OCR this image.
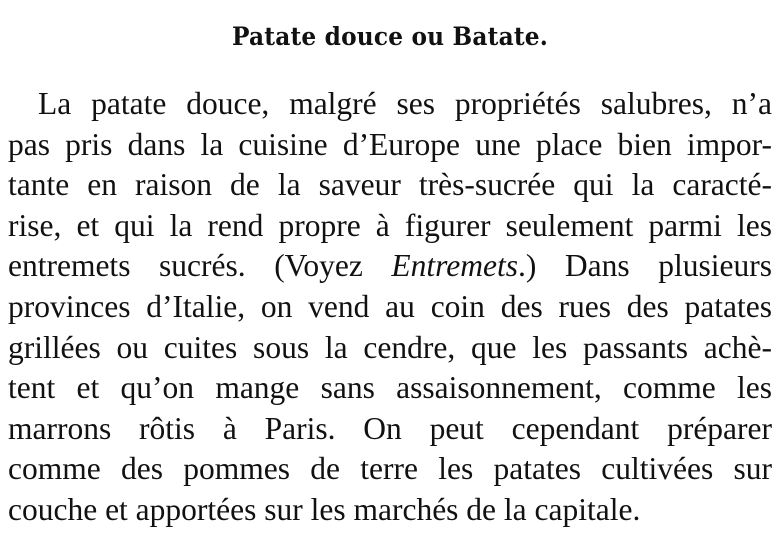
Patate douce ou Batate.
La patate douce, malgré ses propriétés salubres, n’a
pas pris dans la cuisine d’Europe une place bien impor-
tante en raison de la saveur très-sucrée qui la caracté-
rise, et qui la rend propre à figurer seulement parmi les
entremets sucrés. (Voyez Entremets.) Dans plusieurs
provinces d’Italie, on vend au coin des rues des patates
grillées ou cuites sous la cendre, que les passants achè-
tent et qu’on mange sans assaisonnement, comme les
marrons rôtis à Paris. On peut cependant préparer
comme des pommes de terre les patates cultivées sur
couche et apportées sur les marchés de la capitale.
